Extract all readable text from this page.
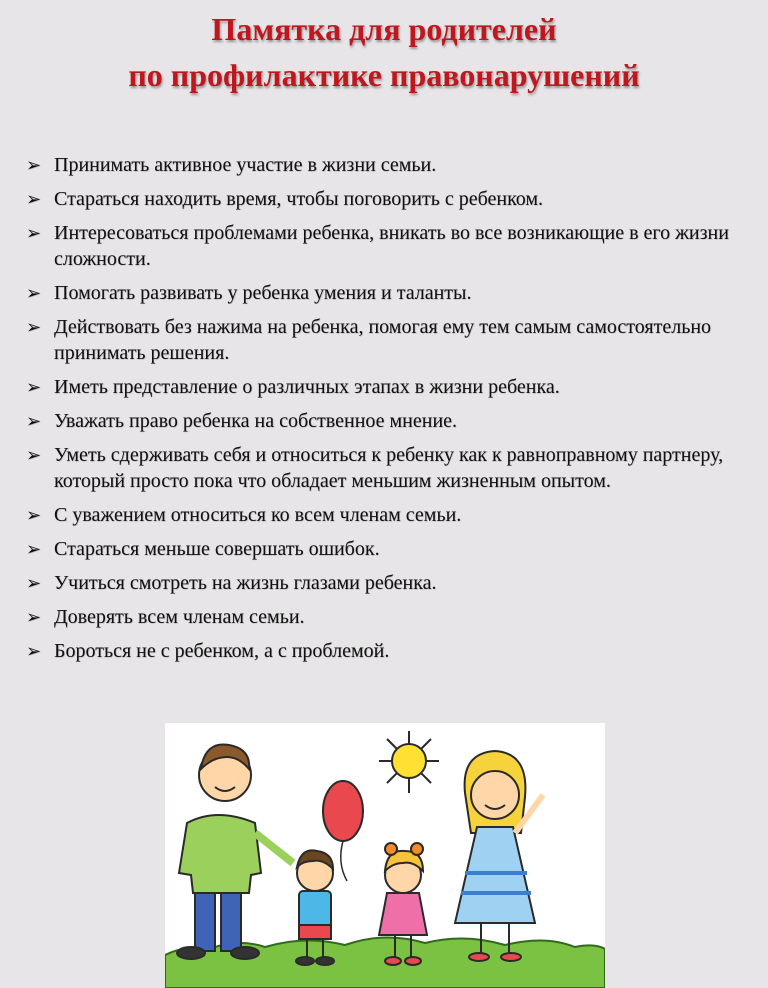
Памятка для родителей
по профилактике правонарушений
➢ Принимать активное участие в жизни семьи.
➢ Стараться находить время, чтобы поговорить с ребенком.
➢ Интересоваться проблемами ребенка, вникать во все возникающие в его жизни сложности.
➢ Помогать развивать у ребенка умения и таланты.
➢ Действовать без нажима на ребенка, помогая ему тем самым самостоятельно принимать решения.
➢ Иметь представление о различных этапах в жизни ребенка.
➢ Уважать право ребенка на собственное мнение.
➢ Уметь сдерживать себя и относиться к ребенку как к равноправному партнеру, который просто пока что обладает меньшим жизненным опытом.
➢ С уважением относиться ко всем членам семьи.
➢ Стараться меньше совершать ошибок.
➢ Учиться смотреть на жизнь глазами ребенка.
➢ Доверять всем членам семьи.
➢ Бороться не с ребенком, а с проблемой.
